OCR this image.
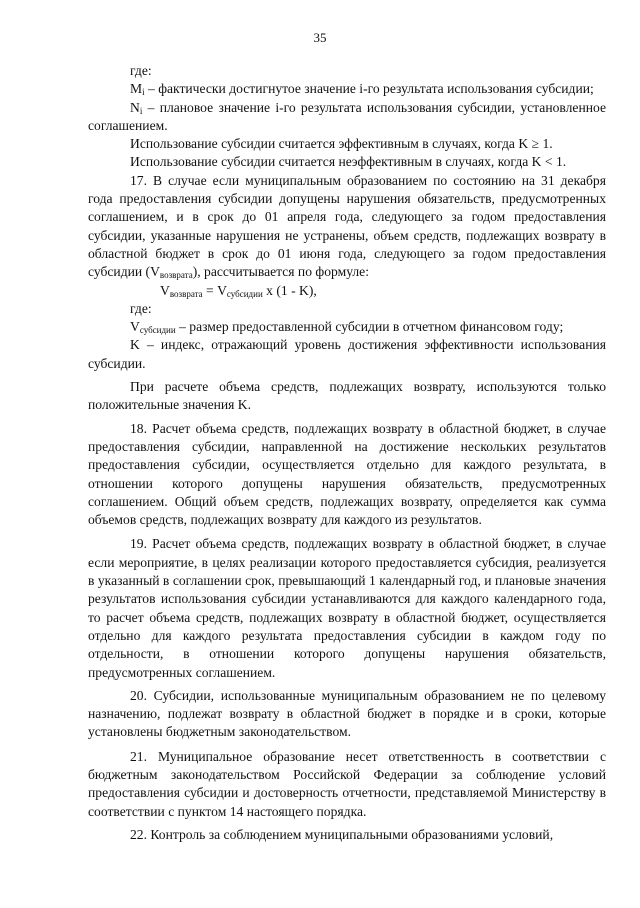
35

где:

$M_i$ – фактически достигнутое значение i-го результата использования субсидии;

$N_i$ – плановое значение i-го результата использования субсидии, установленное соглашением.

Использование субсидии считается эффективным в случаях, когда K ≥ 1.

Использование субсидии считается неэффективным в случаях, когда K < 1.

17. В случае если муниципальным образованием по состоянию на 31 декабря года предоставления субсидии допущены нарушения обязательств, предусмотренных соглашением, и в срок до 01 апреля года, следующего за годом предоставления субсидии, указанные нарушения не устранены, объем средств, подлежащих возврату в областной бюджет в срок до 01 июня года, следующего за годом предоставления субсидии $(V_{возврата})$, рассчитывается по формуле:

$V_{возврата} = V_{субсидии}$ x (1 - K),

где:

$V_{субсидии}$ – размер предоставленной субсидии в отчетном финансовом году;

K – индекс, отражающий уровень достижения эффективности использования субсидии.

При расчете объема средств, подлежащих возврату, используются только положительные значения K.

18. Расчет объема средств, подлежащих возврату в областной бюджет, в случае предоставления субсидии, направленной на достижение нескольких результатов предоставления субсидии, осуществляется отдельно для каждого результата, в отношении которого допущены нарушения обязательств, предусмотренных соглашением. Общий объем средств, подлежащих возврату, определяется как сумма объемов средств, подлежащих возврату для каждого из результатов.

19. Расчет объема средств, подлежащих возврату в областной бюджет, в случае если мероприятие, в целях реализации которого предоставляется субсидия, реализуется в указанный в соглашении срок, превышающий 1 календарный год, и плановые значения результатов использования субсидии устанавливаются для каждого календарного года, то расчет объема средств, подлежащих возврату в областной бюджет, осуществляется отдельно для каждого результата предоставления субсидии в каждом году по отдельности, в отношении которого допущены нарушения обязательств, предусмотренных соглашением.

20. Субсидии, использованные муниципальным образованием не по целевому назначению, подлежат возврату в областной бюджет в порядке и в сроки, которые установлены бюджетным законодательством.

21. Муниципальное образование несет ответственность в соответствии с бюджетным законодательством Российской Федерации за соблюдение условий предоставления субсидии и достоверность отчетности, представляемой Министерству в соответствии с пунктом 14 настоящего порядка.

22. Контроль за соблюдением муниципальными образованиями условий,
